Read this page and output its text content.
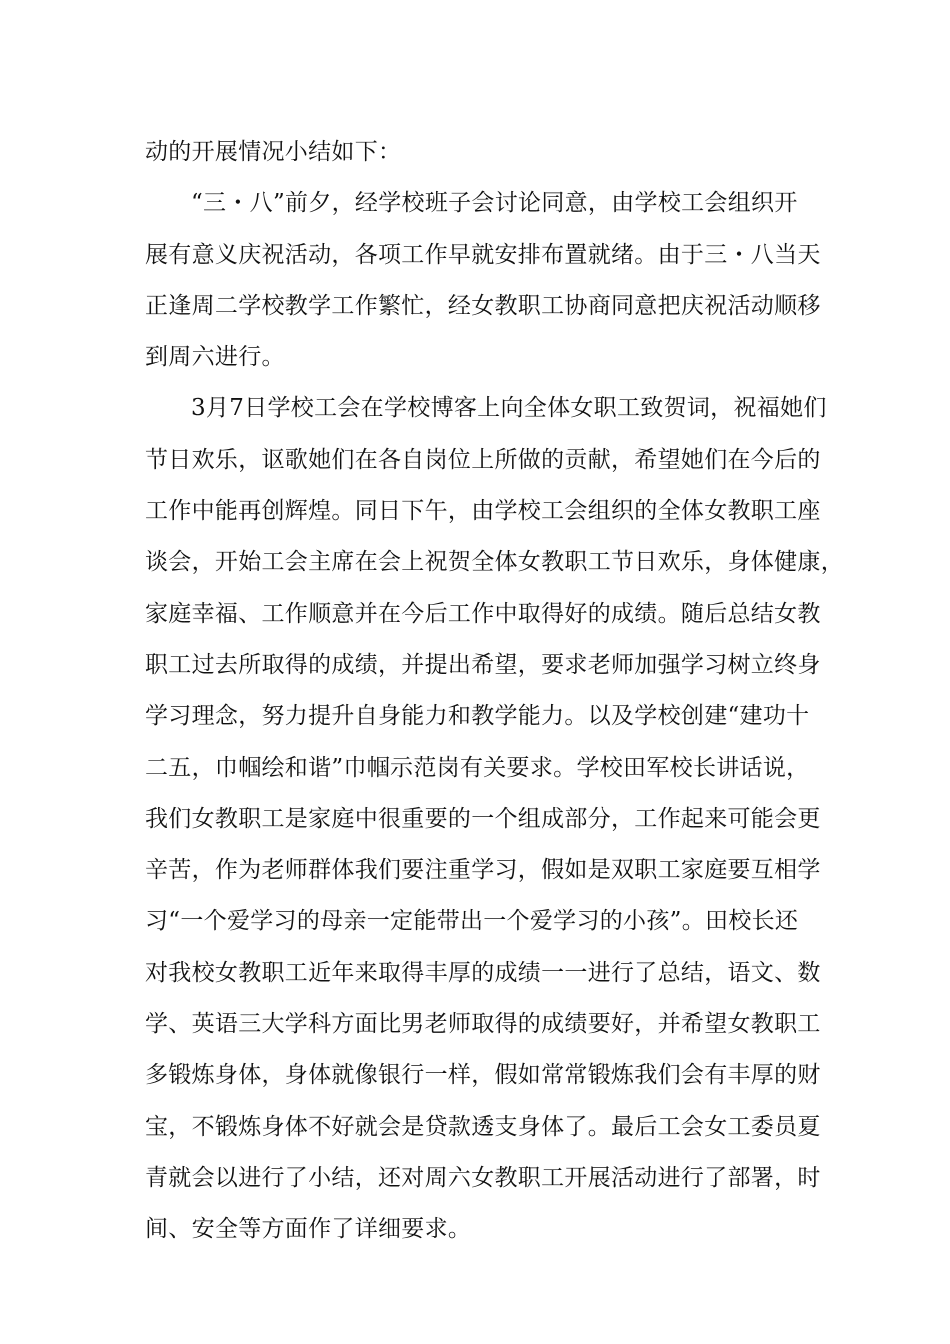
动的开展情况小结如下：
“三・八”前夕，经学校班子会讨论同意，由学校工会组织开
展有意义庆祝活动，各项工作早就安排布置就绪。由于三・八当天
正逢周二学校教学工作繁忙，经女教职工协商同意把庆祝活动顺移
到周六进行。
3月7日学校工会在学校博客上向全体女职工致贺词，祝福她们
节日欢乐，讴歌她们在各自岗位上所做的贡献，希望她们在今后的
工作中能再创辉煌。同日下午，由学校工会组织的全体女教职工座
谈会，开始工会主席在会上祝贺全体女教职工节日欢乐，身体健康，
家庭幸福、工作顺意并在今后工作中取得好的成绩。随后总结女教
职工过去所取得的成绩，并提出希望，要求老师加强学习树立终身
学习理念，努力提升自身能力和教学能力。以及学校创建“建功十
二五，巾帼绘和谐”巾帼示范岗有关要求。学校田军校长讲话说，
我们女教职工是家庭中很重要的一个组成部分，工作起来可能会更
辛苦，作为老师群体我们要注重学习，假如是双职工家庭要互相学
习“一个爱学习的母亲一定能带出一个爱学习的小孩”。田校长还
对我校女教职工近年来取得丰厚的成绩一一进行了总结，语文、数
学、英语三大学科方面比男老师取得的成绩要好，并希望女教职工
多锻炼身体，身体就像银行一样，假如常常锻炼我们会有丰厚的财
宝，不锻炼身体不好就会是贷款透支身体了。最后工会女工委员夏
青就会以进行了小结，还对周六女教职工开展活动进行了部署，时
间、安全等方面作了详细要求。
